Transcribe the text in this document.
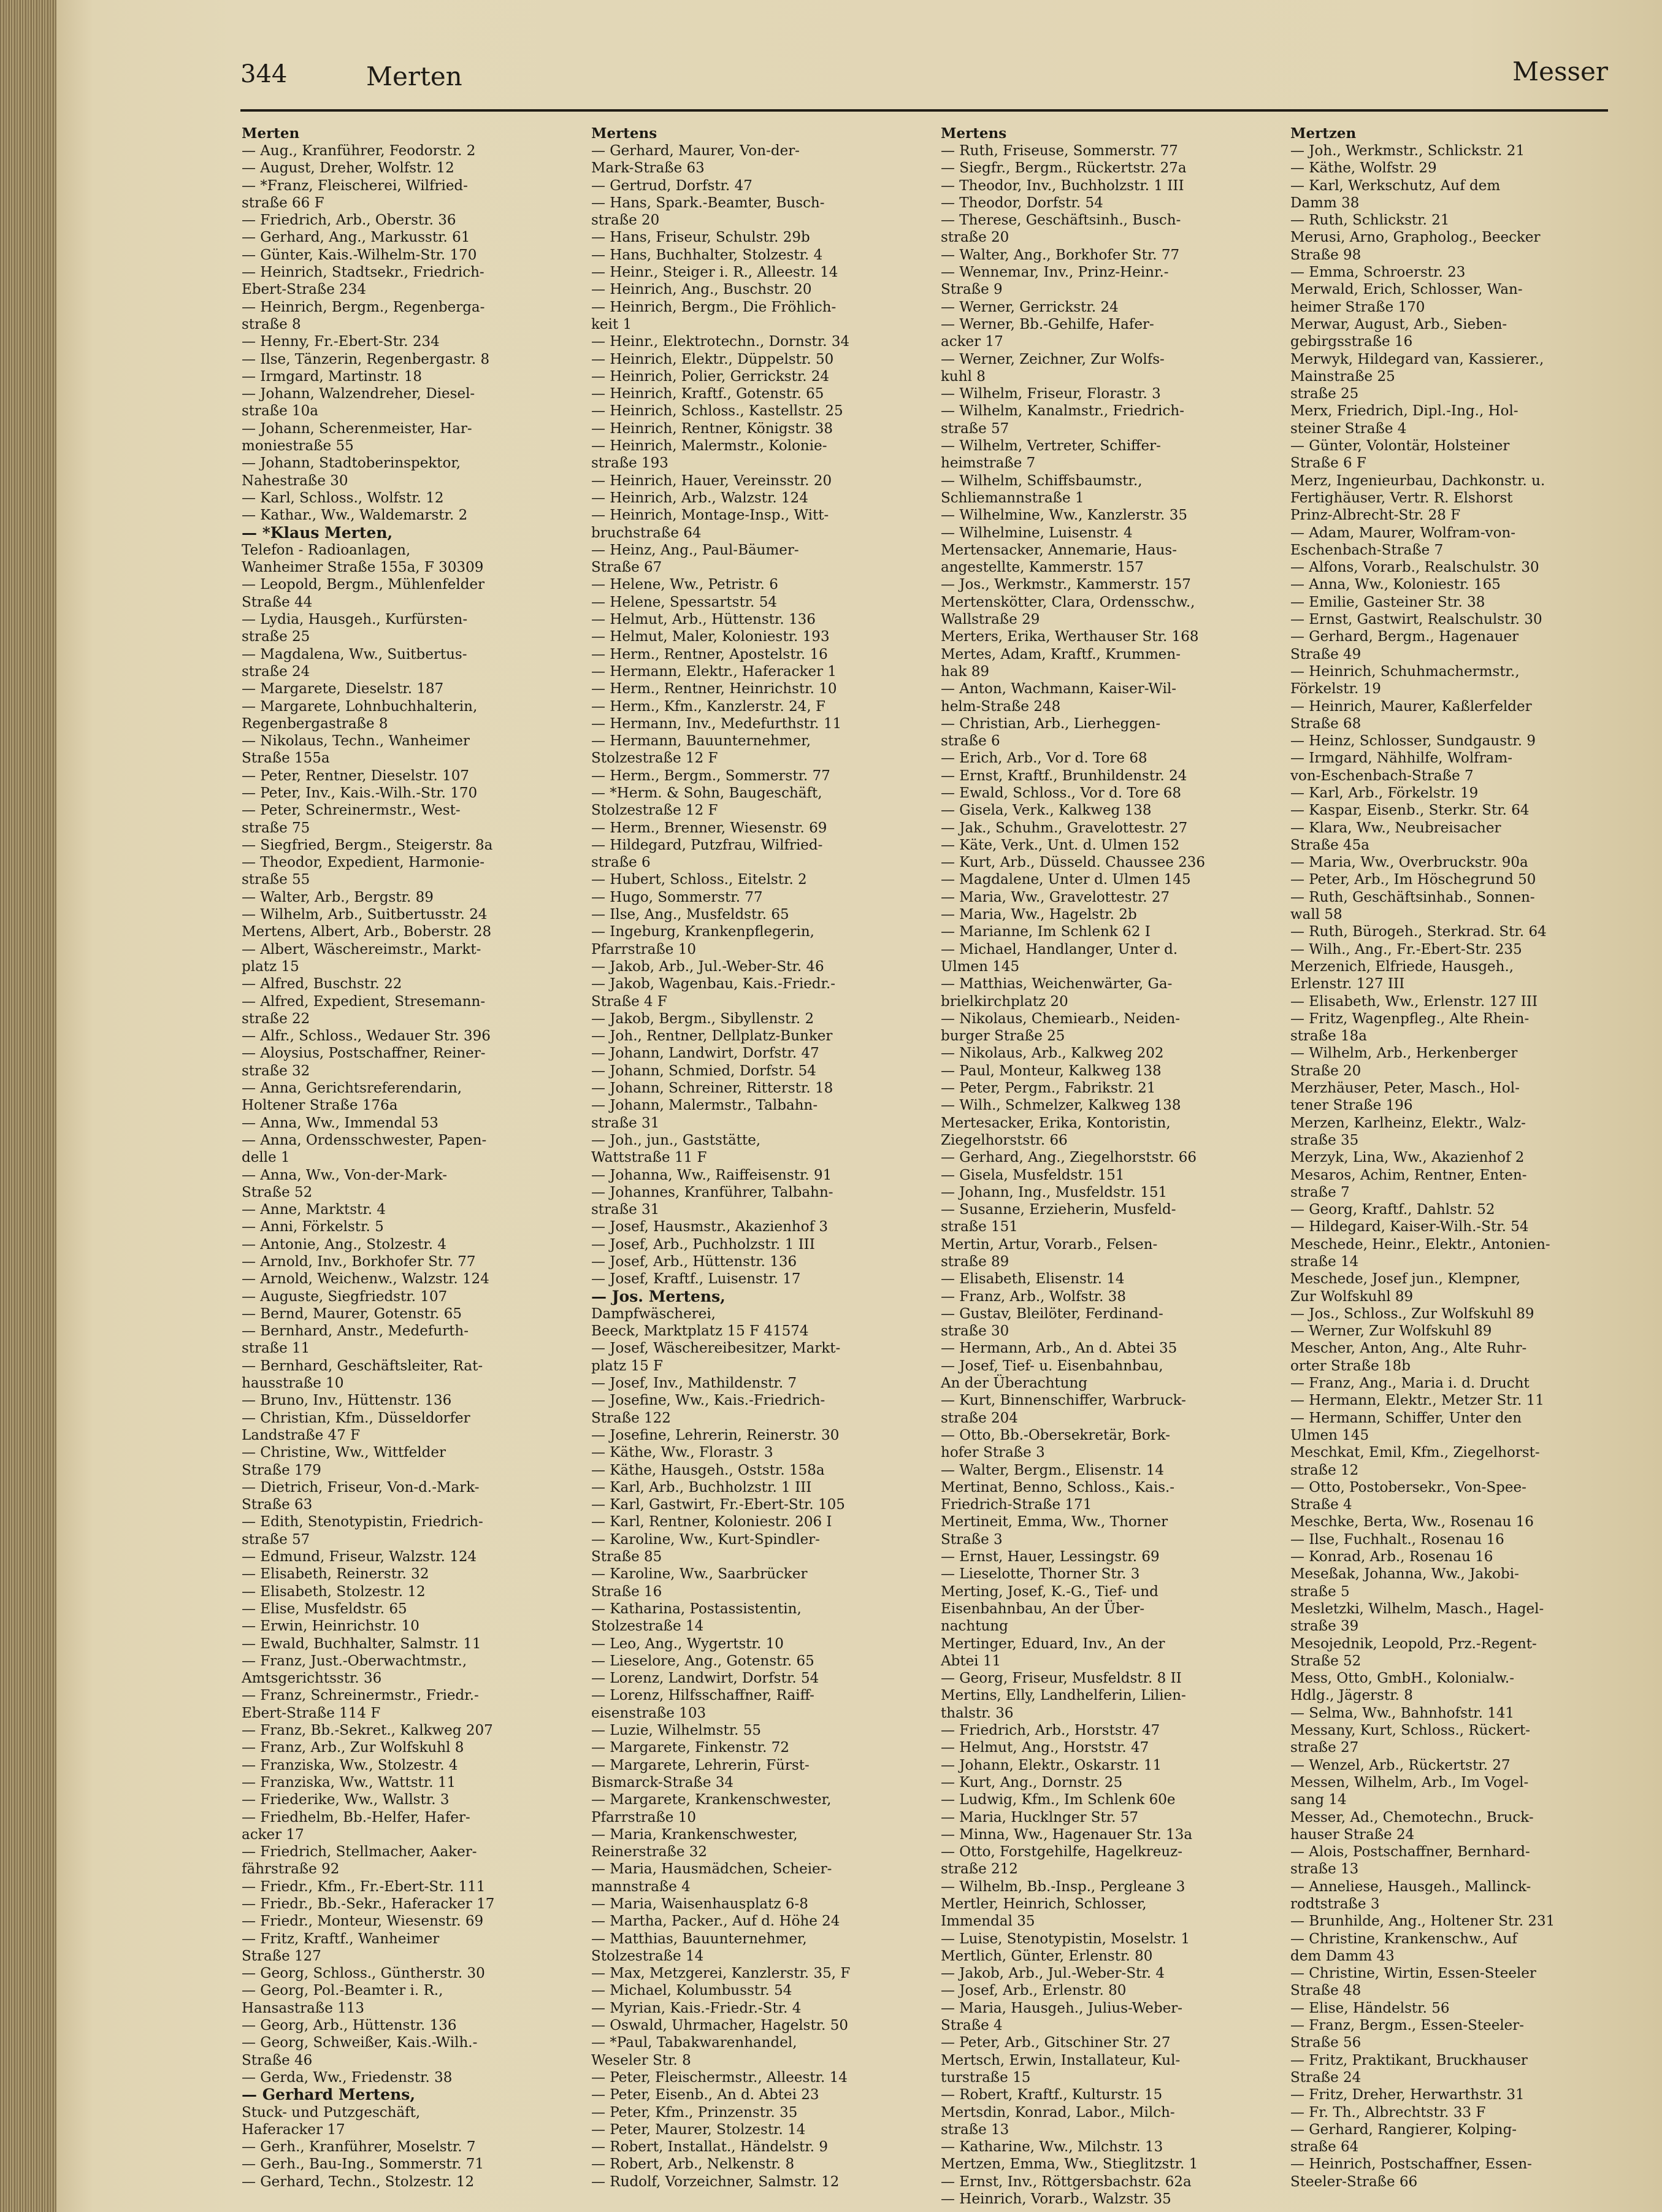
344	Merten	Messer
Merten
— Aug., Kranführer, Feodorstr. 2
— August, Dreher, Wolfstr. 12
— *Franz, Fleischerei, Wilfried-
straße 66 F
— Friedrich, Arb., Oberstr. 36
— Gerhard, Ang., Markusstr. 61
— Günter, Kais.-Wilhelm-Str. 170
— Heinrich, Stadtsekr., Friedrich-
Ebert-Straße 234
— Heinrich, Bergm., Regenberga-
straße 8
— Henny, Fr.-Ebert-Str. 234
— Ilse, Tänzerin, Regenbergastr. 8
— Irmgard, Martinstr. 18
— Johann, Walzendreher, Diesel-
straße 10a
— Johann, Scherenmeister, Har-
moniestraße 55
— Johann, Stadtoberinspektor,
Nahestraße 30
— Karl, Schloss., Wolfstr. 12
— Kathar., Ww., Waldemarstr. 2
— *Klaus Merten,
Telefon - Radioanlagen,
Wanheimer Straße 155a, F 30309
— Leopold, Bergm., Mühlenfelder
Straße 44
— Lydia, Hausgeh., Kurfürsten-
straße 25
— Magdalena, Ww., Suitbertus-
straße 24
— Margarete, Dieselstr. 187
— Margarete, Lohnbuchhalterin,
Regenbergastraße 8
— Nikolaus, Techn., Wanheimer
Straße 155a
— Peter, Rentner, Dieselstr. 107
— Peter, Inv., Kais.-Wilh.-Str. 170
— Peter, Schreinermstr., West-
straße 75
— Siegfried, Bergm., Steigerstr. 8a
— Theodor, Expedient, Harmonie-
straße 55
— Walter, Arb., Bergstr. 89
— Wilhelm, Arb., Suitbertusstr. 24
Mertens, Albert, Arb., Boberstr. 28
— Albert, Wäschereimstr., Markt-
platz 15
— Alfred, Buschstr. 22
— Alfred, Expedient, Stresemann-
straße 22
— Alfr., Schloss., Wedauer Str. 396
— Aloysius, Postschaffner, Reiner-
straße 32
— Anna, Gerichtsreferendarin,
Holtener Straße 176a
— Anna, Ww., Immendal 53
— Anna, Ordensschwester, Papen-
delle 1
— Anna, Ww., Von-der-Mark-
Straße 52
— Anne, Marktstr. 4
— Anni, Förkelstr. 5
— Antonie, Ang., Stolzestr. 4
— Arnold, Inv., Borkhofer Str. 77
— Arnold, Weichenw., Walzstr. 124
— Auguste, Siegfriedstr. 107
— Bernd, Maurer, Gotenstr. 65
— Bernhard, Anstr., Medefurth-
straße 11
— Bernhard, Geschäftsleiter, Rat-
hausstraße 10
— Bruno, Inv., Hüttenstr. 136
— Christian, Kfm., Düsseldorfer
Landstraße 47 F
— Christine, Ww., Wittfelder
Straße 179
— Dietrich, Friseur, Von-d.-Mark-
Straße 63
— Edith, Stenotypistin, Friedrich-
straße 57
— Edmund, Friseur, Walzstr. 124
— Elisabeth, Reinerstr. 32
— Elisabeth, Stolzestr. 12
— Elise, Musfeldstr. 65
— Erwin, Heinrichstr. 10
— Ewald, Buchhalter, Salmstr. 11
— Franz, Just.-Oberwachtmstr.,
Amtsgerichtsstr. 36
— Franz, Schreinermstr., Friedr.-
Ebert-Straße 114 F
— Franz, Bb.-Sekret., Kalkweg 207
— Franz, Arb., Zur Wolfskuhl 8
— Franziska, Ww., Stolzestr. 4
— Franziska, Ww., Wattstr. 11
— Friederike, Ww., Wallstr. 3
— Friedhelm, Bb.-Helfer, Hafer-
acker 17
— Friedrich, Stellmacher, Aaker-
fährstraße 92
— Friedr., Kfm., Fr.-Ebert-Str. 111
— Friedr., Bb.-Sekr., Haferacker 17
— Friedr., Monteur, Wiesenstr. 69
— Fritz, Kraftf., Wanheimer
Straße 127
— Georg, Schloss., Güntherstr. 30
— Georg, Pol.-Beamter i. R.,
Hansastraße 113
— Georg, Arb., Hüttenstr. 136
— Georg, Schweißer, Kais.-Wilh.-
Straße 46
— Gerda, Ww., Friedenstr. 38
— Gerhard Mertens,
Stuck- und Putzgeschäft,
Haferacker 17
— Gerh., Kranführer, Moselstr. 7
— Gerh., Bau-Ing., Sommerstr. 71
— Gerhard, Techn., Stolzestr. 12
Mertens
— Gerhard, Maurer, Von-der-
Mark-Straße 63
— Gertrud, Dorfstr. 47
— Hans, Spark.-Beamter, Busch-
straße 20
— Hans, Friseur, Schulstr. 29b
— Hans, Buchhalter, Stolzestr. 4
— Heinr., Steiger i. R., Alleestr. 14
— Heinrich, Ang., Buschstr. 20
— Heinrich, Bergm., Die Fröhlich-
keit 1
— Heinr., Elektrotechn., Dornstr. 34
— Heinrich, Elektr., Düppelstr. 50
— Heinrich, Polier, Gerrickstr. 24
— Heinrich, Kraftf., Gotenstr. 65
— Heinrich, Schloss., Kastellstr. 25
— Heinrich, Rentner, Königstr. 38
— Heinrich, Malermstr., Kolonie-
straße 193
— Heinrich, Hauer, Vereinsstr. 20
— Heinrich, Arb., Walzstr. 124
— Heinrich, Montage-Insp., Witt-
bruchstraße 64
— Heinz, Ang., Paul-Bäumer-
Straße 67
— Helene, Ww., Petristr. 6
— Helene, Spessartstr. 54
— Helmut, Arb., Hüttenstr. 136
— Helmut, Maler, Koloniestr. 193
— Herm., Rentner, Apostelstr. 16
— Hermann, Elektr., Haferacker 1
— Herm., Rentner, Heinrichstr. 10
— Herm., Kfm., Kanzlerstr. 24, F
— Hermann, Inv., Medefurthstr. 11
— Hermann, Bauunternehmer,
Stolzestraße 12 F
— Herm., Bergm., Sommerstr. 77
— *Herm. & Sohn, Baugeschäft,
Stolzestraße 12 F
— Herm., Brenner, Wiesenstr. 69
— Hildegard, Putzfrau, Wilfried-
straße 6
— Hubert, Schloss., Eitelstr. 2
— Hugo, Sommerstr. 77
— Ilse, Ang., Musfeldstr. 65
— Ingeburg, Krankenpflegerin,
Pfarrstraße 10
— Jakob, Arb., Jul.-Weber-Str. 46
— Jakob, Wagenbau, Kais.-Friedr.-
Straße 4 F
— Jakob, Bergm., Sibyllenstr. 2
— Joh., Rentner, Dellplatz-Bunker
— Johann, Landwirt, Dorfstr. 47
— Johann, Schmied, Dorfstr. 54
— Johann, Schreiner, Ritterstr. 18
— Johann, Malermstr., Talbahn-
straße 31
— Joh., jun., Gaststätte,
Wattstraße 11 F
— Johanna, Ww., Raiffeisenstr. 91
— Johannes, Kranführer, Talbahn-
straße 31
— Josef, Hausmstr., Akazienhof 3
— Josef, Arb., Puchholzstr. 1 III
— Josef, Arb., Hüttenstr. 136
— Josef, Kraftf., Luisenstr. 17
— Jos. Mertens,
Dampfwäscherei,
Beeck, Marktplatz 15 F 41574
— Josef, Wäschereibesitzer, Markt-
platz 15 F
— Josef, Inv., Mathildenstr. 7
— Josefine, Ww., Kais.-Friedrich-
Straße 122
— Josefine, Lehrerin, Reinerstr. 30
— Käthe, Ww., Florastr. 3
— Käthe, Hausgeh., Oststr. 158a
— Karl, Arb., Buchholzstr. 1 III
— Karl, Gastwirt, Fr.-Ebert-Str. 105
— Karl, Rentner, Koloniestr. 206 I
— Karoline, Ww., Kurt-Spindler-
Straße 85
— Karoline, Ww., Saarbrücker
Straße 16
— Katharina, Postassistentin,
Stolzestraße 14
— Leo, Ang., Wygertstr. 10
— Lieselore, Ang., Gotenstr. 65
— Lorenz, Landwirt, Dorfstr. 54
— Lorenz, Hilfsschaffner, Raiff-
eisenstraße 103
— Luzie, Wilhelmstr. 55
— Margarete, Finkenstr. 72
— Margarete, Lehrerin, Fürst-
Bismarck-Straße 34
— Margarete, Krankenschwester,
Pfarrstraße 10
— Maria, Krankenschwester,
Reinerstraße 32
— Maria, Hausmädchen, Scheier-
mannstraße 4
— Maria, Waisenhausplatz 6-8
— Martha, Packer., Auf d. Höhe 24
— Matthias, Bauunternehmer,
Stolzestraße 14
— Max, Metzgerei, Kanzlerstr. 35, F
— Michael, Kolumbusstr. 54
— Myrian, Kais.-Friedr.-Str. 4
— Oswald, Uhrmacher, Hagelstr. 50
— *Paul, Tabakwarenhandel,
Weseler Str. 8
— Peter, Fleischermstr., Alleestr. 14
— Peter, Eisenb., An d. Abtei 23
— Peter, Kfm., Prinzenstr. 35
— Peter, Maurer, Stolzestr. 14
— Robert, Installat., Händelstr. 9
— Robert, Arb., Nelkenstr. 8
— Rudolf, Vorzeichner, Salmstr. 12
Mertens
— Ruth, Friseuse, Sommerstr. 77
— Siegfr., Bergm., Rückertstr. 27a
— Theodor, Inv., Buchholzstr. 1 III
— Theodor, Dorfstr. 54
— Therese, Geschäftsinh., Busch-
straße 20
— Walter, Ang., Borkhofer Str. 77
— Wennemar, Inv., Prinz-Heinr.-
Straße 9
— Werner, Gerrickstr. 24
— Werner, Bb.-Gehilfe, Hafer-
acker 17
— Werner, Zeichner, Zur Wolfs-
kuhl 8
— Wilhelm, Friseur, Florastr. 3
— Wilhelm, Kanalmstr., Friedrich-
straße 57
— Wilhelm, Vertreter, Schiffer-
heimstraße 7
— Wilhelm, Schiffsbaumstr.,
Schliemannstraße 1
— Wilhelmine, Ww., Kanzlerstr. 35
— Wilhelmine, Luisenstr. 4
Mertensacker, Annemarie, Haus-
angestellte, Kammerstr. 157
— Jos., Werkmstr., Kammerstr. 157
Mertenskötter, Clara, Ordensschw.,
Wallstraße 29
Merters, Erika, Werthauser Str. 168
Mertes, Adam, Kraftf., Krummen-
hak 89
— Anton, Wachmann, Kaiser-Wil-
helm-Straße 248
— Christian, Arb., Lierheggen-
straße 6
— Erich, Arb., Vor d. Tore 68
— Ernst, Kraftf., Brunhildenstr. 24
— Ewald, Schloss., Vor d. Tore 68
— Gisela, Verk., Kalkweg 138
— Jak., Schuhm., Gravelottestr. 27
— Käte, Verk., Unt. d. Ulmen 152
— Kurt, Arb., Düsseld. Chaussee 236
— Magdalene, Unter d. Ulmen 145
— Maria, Ww., Gravelottestr. 27
— Maria, Ww., Hagelstr. 2b
— Marianne, Im Schlenk 62 I
— Michael, Handlanger, Unter d.
Ulmen 145
— Matthias, Weichenwärter, Ga-
brielkirchplatz 20
— Nikolaus, Chemiearb., Neiden-
burger Straße 25
— Nikolaus, Arb., Kalkweg 202
— Paul, Monteur, Kalkweg 138
— Peter, Pergm., Fabrikstr. 21
— Wilh., Schmelzer, Kalkweg 138
Mertesacker, Erika, Kontoristin,
Ziegelhorststr. 66
— Gerhard, Ang., Ziegelhorststr. 66
— Gisela, Musfeldstr. 151
— Johann, Ing., Musfeldstr. 151
— Susanne, Erzieherin, Musfeld-
straße 151
Mertin, Artur, Vorarb., Felsen-
straße 89
— Elisabeth, Elisenstr. 14
— Franz, Arb., Wolfstr. 38
— Gustav, Bleilöter, Ferdinand-
straße 30
— Hermann, Arb., An d. Abtei 35
— Josef, Tief- u. Eisenbahnbau,
An der Überachtung
— Kurt, Binnenschiffer, Warbruck-
straße 204
— Otto, Bb.-Obersekretär, Bork-
hofer Straße 3
— Walter, Bergm., Elisenstr. 14
Mertinat, Benno, Schloss., Kais.-
Friedrich-Straße 171
Mertineit, Emma, Ww., Thorner
Straße 3
— Ernst, Hauer, Lessingstr. 69
— Lieselotte, Thorner Str. 3
Merting, Josef, K.-G., Tief- und
Eisenbahnbau, An der Über-
nachtung
Mertinger, Eduard, Inv., An der
Abtei 11
— Georg, Friseur, Musfeldstr. 8 II
Mertins, Elly, Landhelferin, Lilien-
thalstr. 36
— Friedrich, Arb., Horststr. 47
— Helmut, Ang., Horststr. 47
— Johann, Elektr., Oskarstr. 11
— Kurt, Ang., Dornstr. 25
— Ludwig, Kfm., Im Schlenk 60e
— Maria, Hucklnger Str. 57
— Minna, Ww., Hagenauer Str. 13a
— Otto, Forstgehilfe, Hagelkreuz-
straße 212
— Wilhelm, Bb.-Insp., Pergleane 3
Mertler, Heinrich, Schlosser,
Immendal 35
— Luise, Stenotypistin, Moselstr. 1
Mertlich, Günter, Erlenstr. 80
— Jakob, Arb., Jul.-Weber-Str. 4
— Josef, Arb., Erlenstr. 80
— Maria, Hausgeh., Julius-Weber-
Straße 4
— Peter, Arb., Gitschiner Str. 27
Mertsch, Erwin, Installateur, Kul-
turstraße 15
— Robert, Kraftf., Kulturstr. 15
Mertsdin, Konrad, Labor., Milch-
straße 13
— Katharine, Ww., Milchstr. 13
Mertzen, Emma, Ww., Stieglitzstr. 1
— Ernst, Inv., Röttgersbachstr. 62a
— Heinrich, Vorarb., Walzstr. 35
Mertzen
— Joh., Werkmstr., Schlickstr. 21
— Käthe, Wolfstr. 29
— Karl, Werkschutz, Auf dem
Damm 38
— Ruth, Schlickstr. 21
Merusi, Arno, Grapholog., Beecker
Straße 98
— Emma, Schroerstr. 23
Merwald, Erich, Schlosser, Wan-
heimer Straße 170
Merwar, August, Arb., Sieben-
gebirgsstraße 16
Merwyk, Hildegard van, Kassierer.,
Mainstraße 25
straße 25
Merx, Friedrich, Dipl.-Ing., Hol-
steiner Straße 4
— Günter, Volontär, Holsteiner
Straße 6 F
Merz, Ingenieurbau, Dachkonstr. u.
Fertighäuser, Vertr. R. Elshorst
Prinz-Albrecht-Str. 28 F
— Adam, Maurer, Wolfram-von-
Eschenbach-Straße 7
— Alfons, Vorarb., Realschulstr. 30
— Anna, Ww., Koloniestr. 165
— Emilie, Gasteiner Str. 38
— Ernst, Gastwirt, Realschulstr. 30
— Gerhard, Bergm., Hagenauer
Straße 49
— Heinrich, Schuhmachermstr.,
Förkelstr. 19
— Heinrich, Maurer, Kaßlerfelder
Straße 68
— Heinz, Schlosser, Sundgaustr. 9
— Irmgard, Nähhilfe, Wolfram-
von-Eschenbach-Straße 7
— Karl, Arb., Förkelstr. 19
— Kaspar, Eisenb., Sterkr. Str. 64
— Klara, Ww., Neubreisacher
Straße 45a
— Maria, Ww., Overbruckstr. 90a
— Peter, Arb., Im Höschegrund 50
— Ruth, Geschäftsinhab., Sonnen-
wall 58
— Ruth, Bürogeh., Sterkrad. Str. 64
— Wilh., Ang., Fr.-Ebert-Str. 235
Merzenich, Elfriede, Hausgeh.,
Erlenstr. 127 III
— Elisabeth, Ww., Erlenstr. 127 III
— Fritz, Wagenpfleg., Alte Rhein-
straße 18a
— Wilhelm, Arb., Herkenberger
Straße 20
Merzhäuser, Peter, Masch., Hol-
tener Straße 196
Merzen, Karlheinz, Elektr., Walz-
straße 35
Merzyk, Lina, Ww., Akazienhof 2
Mesaros, Achim, Rentner, Enten-
straße 7
— Georg, Kraftf., Dahlstr. 52
— Hildegard, Kaiser-Wilh.-Str. 54
Meschede, Heinr., Elektr., Antonien-
straße 14
Meschede, Josef jun., Klempner,
Zur Wolfskuhl 89
— Jos., Schloss., Zur Wolfskuhl 89
— Werner, Zur Wolfskuhl 89
Mescher, Anton, Ang., Alte Ruhr-
orter Straße 18b
— Franz, Ang., Maria i. d. Drucht
— Hermann, Elektr., Metzer Str. 11
— Hermann, Schiffer, Unter den
Ulmen 145
Meschkat, Emil, Kfm., Ziegelhorst-
straße 12
— Otto, Postobersekr., Von-Spee-
Straße 4
Meschke, Berta, Ww., Rosenau 16
— Ilse, Fuchhalt., Rosenau 16
— Konrad, Arb., Rosenau 16
Meseßak, Johanna, Ww., Jakobi-
straße 5
Mesletzki, Wilhelm, Masch., Hagel-
straße 39
Mesojednik, Leopold, Prz.-Regent-
Straße 52
Mess, Otto, GmbH., Kolonialw.-
Hdlg., Jägerstr. 8
— Selma, Ww., Bahnhofstr. 141
Messany, Kurt, Schloss., Rückert-
straße 27
— Wenzel, Arb., Rückertstr. 27
Messen, Wilhelm, Arb., Im Vogel-
sang 14
Messer, Ad., Chemotechn., Bruck-
hauser Straße 24
— Alois, Postschaffner, Bernhard-
straße 13
— Anneliese, Hausgeh., Mallinck-
rodtstraße 3
— Brunhilde, Ang., Holtener Str. 231
— Christine, Krankenschw., Auf
dem Damm 43
— Christine, Wirtin, Essen-Steeler
Straße 48
— Elise, Händelstr. 56
— Franz, Bergm., Essen-Steeler-
Straße 56
— Fritz, Praktikant, Bruckhauser
Straße 24
— Fritz, Dreher, Herwarthstr. 31
— Fr. Th., Albrechtstr. 33 F
— Gerhard, Rangierer, Kolping-
straße 64
— Heinrich, Postschaffner, Essen-
Steeler-Straße 66
